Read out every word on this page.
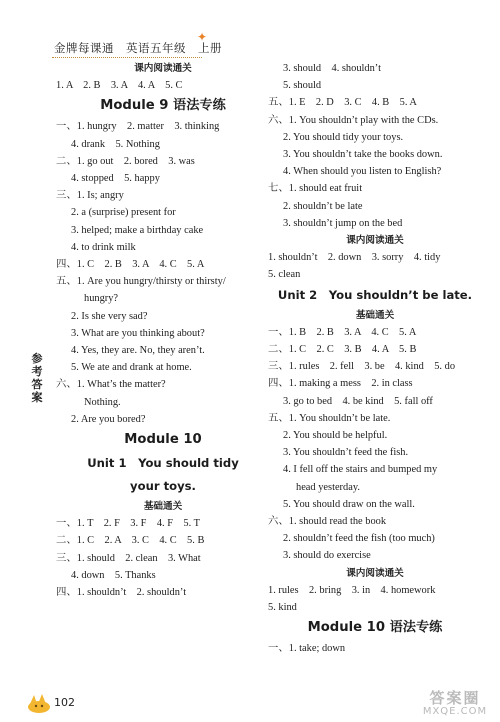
金牌每课通　英语五年级　上册
✦
课内阅读通关
1. A　2. B　3. A　4. A　5. C
Module 9 语法专练
一、1. hungry　2. matter　3. thinking
4. drank　5. Nothing
二、1. go out　2. bored　3. was
4. stopped　5. happy
三、1. Is; angry
2. a (surprise) present for
3. helped; make a birthday cake
4. to drink milk
四、1. C　2. B　3. A　4. C　5. A
五、1. Are you hungry/thirsty or thirsty/
hungry?
2. Is she very sad?
3. What are you thinking about?
4. Yes, they are. No, they aren’t.
5. We ate and drank at home.
六、1. What’s the matter?
Nothing.
2. Are you bored?
Module 10
Unit 1　You should tidy
your toys.
基础通关
一、1. T　2. F　3. F　4. F　5. T
二、1. C　2. A　3. C　4. C　5. B
三、1. should　2. clean　3. What
4. down　5. Thanks
四、1. shouldn’t　2. shouldn’t
3. should　4. shouldn’t
5. should
五、1. E　2. D　3. C　4. B　5. A
六、1. You shouldn’t play with the CDs.
2. You should tidy your toys.
3. You shouldn’t take the books down.
4. When should you listen to English?
七、1. should eat fruit
2. shouldn’t be late
3. shouldn’t jump on the bed
课内阅读通关
1. shouldn’t　2. down　3. sorry　4. tidy
5. clean
Unit 2　You shouldn’t be late.
基础通关
一、1. B　2. B　3. A　4. C　5. A
二、1. C　2. C　3. B　4. A　5. B
三、1. rules　2. fell　3. be　4. kind　5. do
四、1. making a mess　2. in class
3. go to bed　4. be kind　5. fall off
五、1. You shouldn’t be late.
2. You should be helpful.
3. You shouldn’t feed the fish.
4. I fell off the stairs and bumped my
head yesterday.
5. You should draw on the wall.
六、1. should read the book
2. shouldn’t feed the fish (too much)
3. should do exercise
课内阅读通关
1. rules　2. bring　3. in　4. homework
5. kind
Module 10 语法专练
一、1. take; down
参考答案
102	答案圈
MXQE.COM
